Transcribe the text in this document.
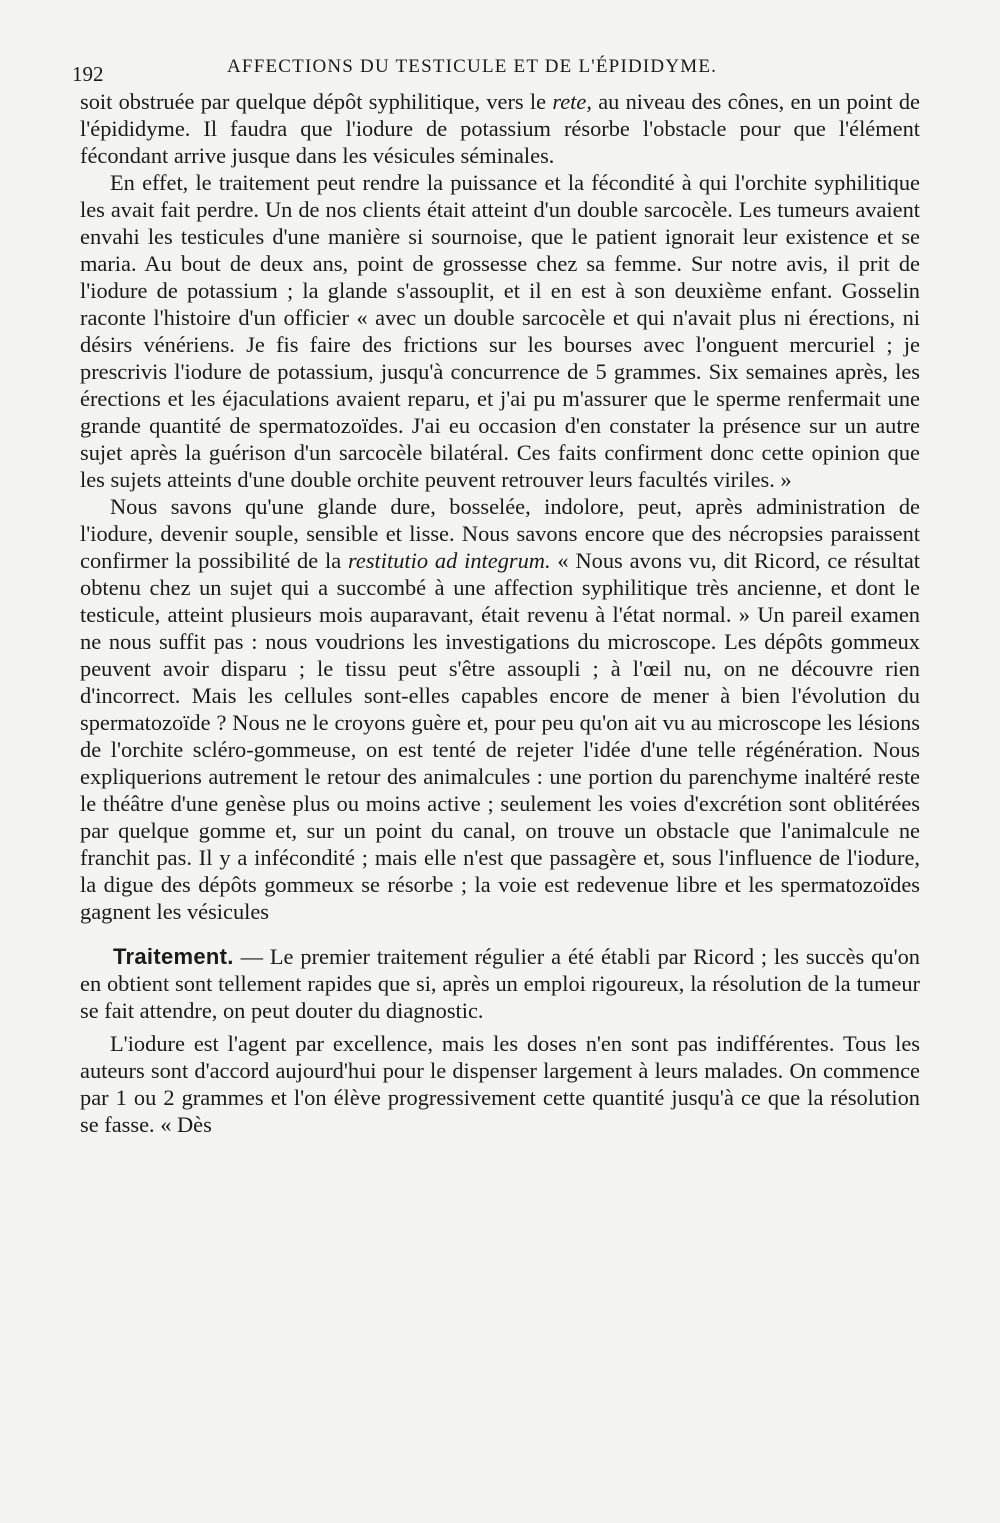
192	AFFECTIONS DU TESTICULE ET DE L'ÉPIDIDYME.

soit obstruée par quelque dépôt syphilitique, vers le rete, au niveau des cônes, en un point de l'épididyme. Il faudra que l'iodure de potassium résorbe l'obstacle pour que l'élément fécondant arrive jusque dans les vésicules séminales.

En effet, le traitement peut rendre la puissance et la fécondité à qui l'orchite syphilitique les avait fait perdre. Un de nos clients était atteint d'un double sarcocèle. Les tumeurs avaient envahi les testicules d'une manière si sournoise, que le patient ignorait leur existence et se maria. Au bout de deux ans, point de grossesse chez sa femme. Sur notre avis, il prit de l'iodure de potassium ; la glande s'assouplit, et il en est à son deuxième enfant. Gosselin raconte l'histoire d'un officier « avec un double sarcocèle et qui n'avait plus ni érections, ni désirs vénériens. Je fis faire des frictions sur les bourses avec l'onguent mercuriel ; je prescrivis l'iodure de potassium, jusqu'à concurrence de 5 grammes. Six semaines après, les érections et les éjaculations avaient reparu, et j'ai pu m'assurer que le sperme renfermait une grande quantité de spermatozoïdes. J'ai eu occasion d'en constater la présence sur un autre sujet après la guérison d'un sarcocèle bilatéral. Ces faits confirment donc cette opinion que les sujets atteints d'une double orchite peuvent retrouver leurs facultés viriles. »

Nous savons qu'une glande dure, bosselée, indolore, peut, après administration de l'iodure, devenir souple, sensible et lisse. Nous savons encore que des nécropsies paraissent confirmer la possibilité de la restitutio ad integrum. « Nous avons vu, dit Ricord, ce résultat obtenu chez un sujet qui a succombé à une affection syphilitique très ancienne, et dont le testicule, atteint plusieurs mois auparavant, était revenu à l'état normal. » Un pareil examen ne nous suffit pas : nous voudrions les investigations du microscope. Les dépôts gommeux peuvent avoir disparu ; le tissu peut s'être assoupli ; à l'œil nu, on ne découvre rien d'incorrect. Mais les cellules sont-elles capables encore de mener à bien l'évolution du spermatozoïde ? Nous ne le croyons guère et, pour peu qu'on ait vu au microscope les lésions de l'orchite scléro-gommeuse, on est tenté de rejeter l'idée d'une telle régénération. Nous expliquerions autrement le retour des animalcules : une portion du parenchyme inaltéré reste le théâtre d'une genèse plus ou moins active ; seulement les voies d'excrétion sont oblitérées par quelque gomme et, sur un point du canal, on trouve un obstacle que l'animalcule ne franchit pas. Il y a infécondité ; mais elle n'est que passagère et, sous l'influence de l'iodure, la digue des dépôts gommeux se résorbe ; la voie est redevenue libre et les spermatozoïdes gagnent les vésicules

Traitement. — Le premier traitement régulier a été établi par Ricord ; les succès qu'on en obtient sont tellement rapides que si, après un emploi rigoureux, la résolution de la tumeur se fait attendre, on peut douter du diagnostic.

L'iodure est l'agent par excellence, mais les doses n'en sont pas indifférentes. Tous les auteurs sont d'accord aujourd'hui pour le dispenser largement à leurs malades. On commence par 1 ou 2 grammes et l'on élève progressivement cette quantité jusqu'à ce que la résolution se fasse. « Dès
